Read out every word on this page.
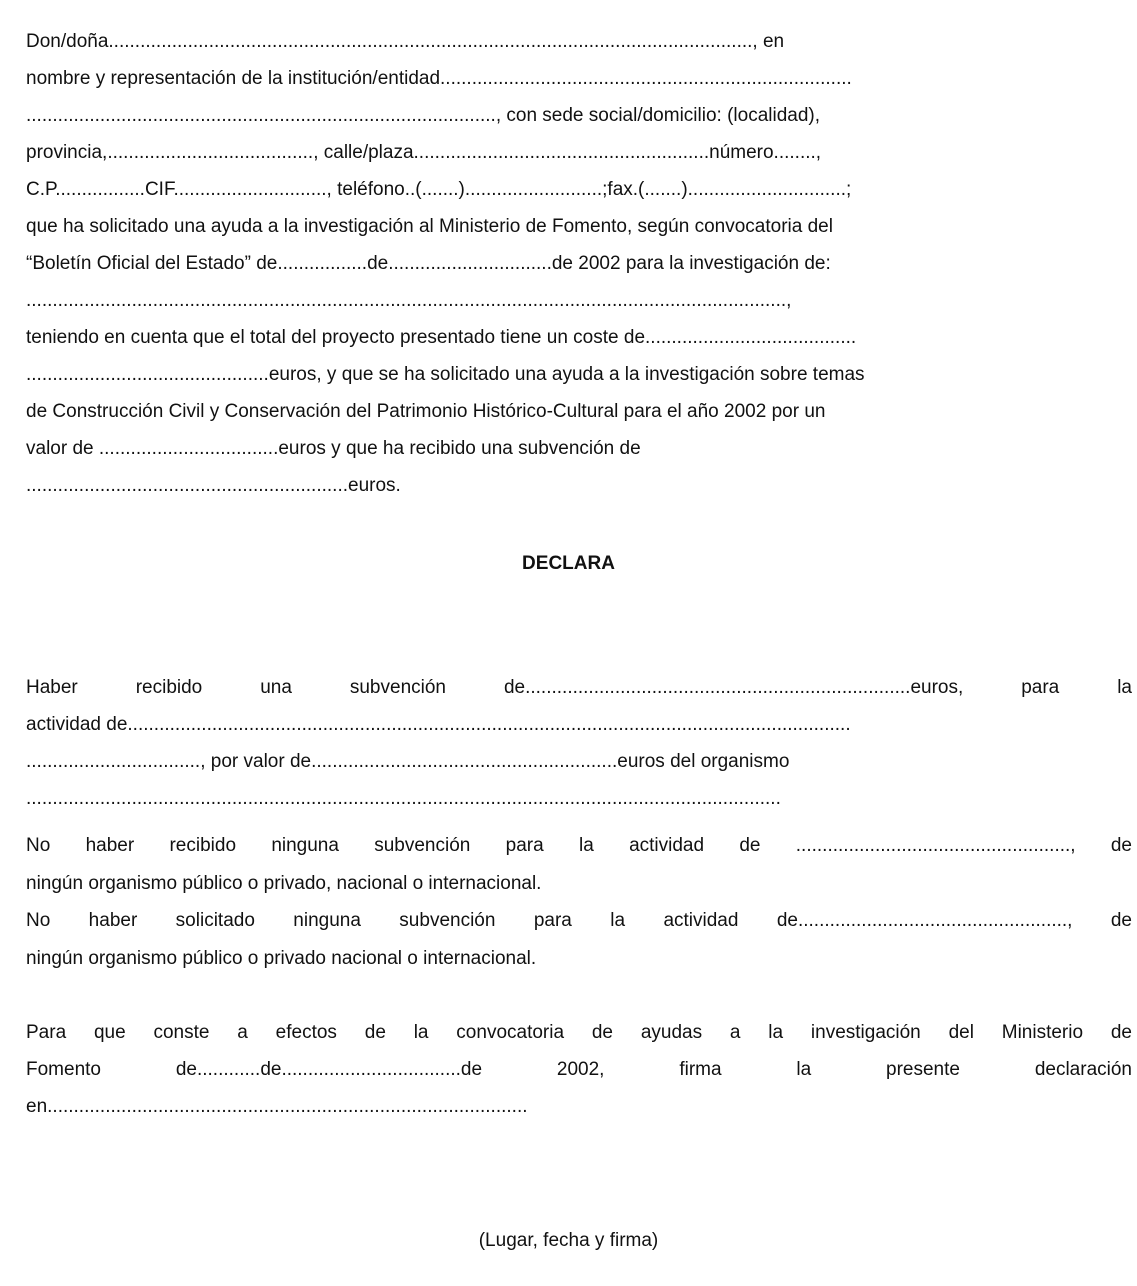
Don/doña.........................................................................................................................., en
nombre y representación de la institución/entidad..............................................................................
........................................................................................., con sede social/domicilio: (localidad),
provincia,......................................., calle/plaza........................................................número........,
C.P.................CIF............................., teléfono..(.......)..........................;fax.(.......)..............................;
que ha solicitado una ayuda a la investigación al Ministerio de Fomento, según convocatoria del
“Boletín Oficial del Estado” de.................de...............................de 2002 para la investigación de:
................................................................................................................................................,
teniendo en cuenta que el total del proyecto presentado tiene un coste de........................................
..............................................euros, y que se ha solicitado una ayuda a la investigación sobre temas
de Construcción Civil y Conservación del Patrimonio Histórico-Cultural para el año 2002 por un
valor de ..................................euros y que ha recibido una subvención de
.............................................................euros.
DECLARA
Haber recibido una subvención de.........................................................................euros, para la
actividad de.........................................................................................................................................
................................., por valor de..........................................................euros del organismo
...............................................................................................................................................
No haber recibido ninguna subvención para la actividad de ...................................................., de
ningún organismo público o privado, nacional o internacional.
No haber solicitado ninguna subvención para la actividad de..................................................., de
ningún organismo público o privado nacional o internacional.
Para que conste a efectos de la convocatoria de ayudas a la investigación del Ministerio de
Fomento de............de..................................de 2002, firma la presente declaración
en...........................................................................................
(Lugar, fecha y firma)
